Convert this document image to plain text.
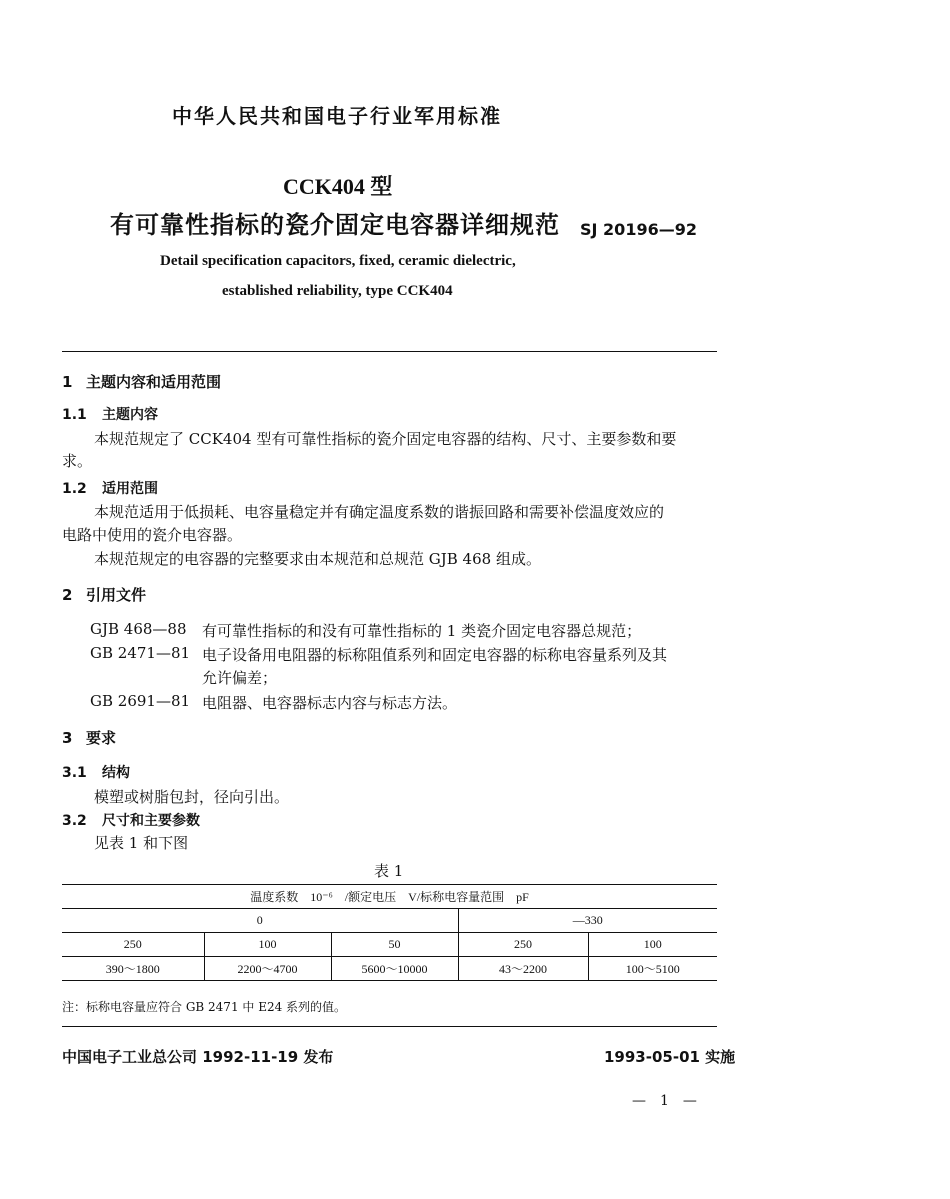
中华人民共和国电子行业军用标准
CCK404 型
有可靠性指标的瓷介固定电容器详细规范 SJ 20196—92
Detail specification capacitors, fixed, ceramic dielectric,
established reliability, type CCK404
1 主题内容和适用范围
1.1 主题内容
本规范规定了 CCK404 型有可靠性指标的瓷介固定电容器的结构、尺寸、主要参数和要
求。
1.2 适用范围
本规范适用于低损耗、电容量稳定并有确定温度系数的谐振回路和需要补偿温度效应的
电路中使用的瓷介电容器。
本规范规定的电容器的完整要求由本规范和总规范 GJB 468 组成。
2 引用文件
GJB 468—88 有可靠性指标的和没有可靠性指标的 1 类瓷介固定电容器总规范；
GB 2471—81 电子设备用电阻器的标称阻值系列和固定电容器的标称电容量系列及其
允许偏差；
GB 2691—81 电阻器、电容器标志内容与标志方法。
3 要求
3.1 结构
模塑或树脂包封，径向引出。
3.2 尺寸和主要参数
见表 1 和下图
表 1
温度系数　10⁻⁶　/额定电压　V/标称电容量范围　pF				
0			—330	
250	100	50	250	100
390～1800	2200～4700	5600～10000	43～2200	100～5100
注：标称电容量应符合 GB 2471 中 E24 系列的值。
中国电子工业总公司 1992-11-19 发布	1993-05-01 实施
—　1　—
